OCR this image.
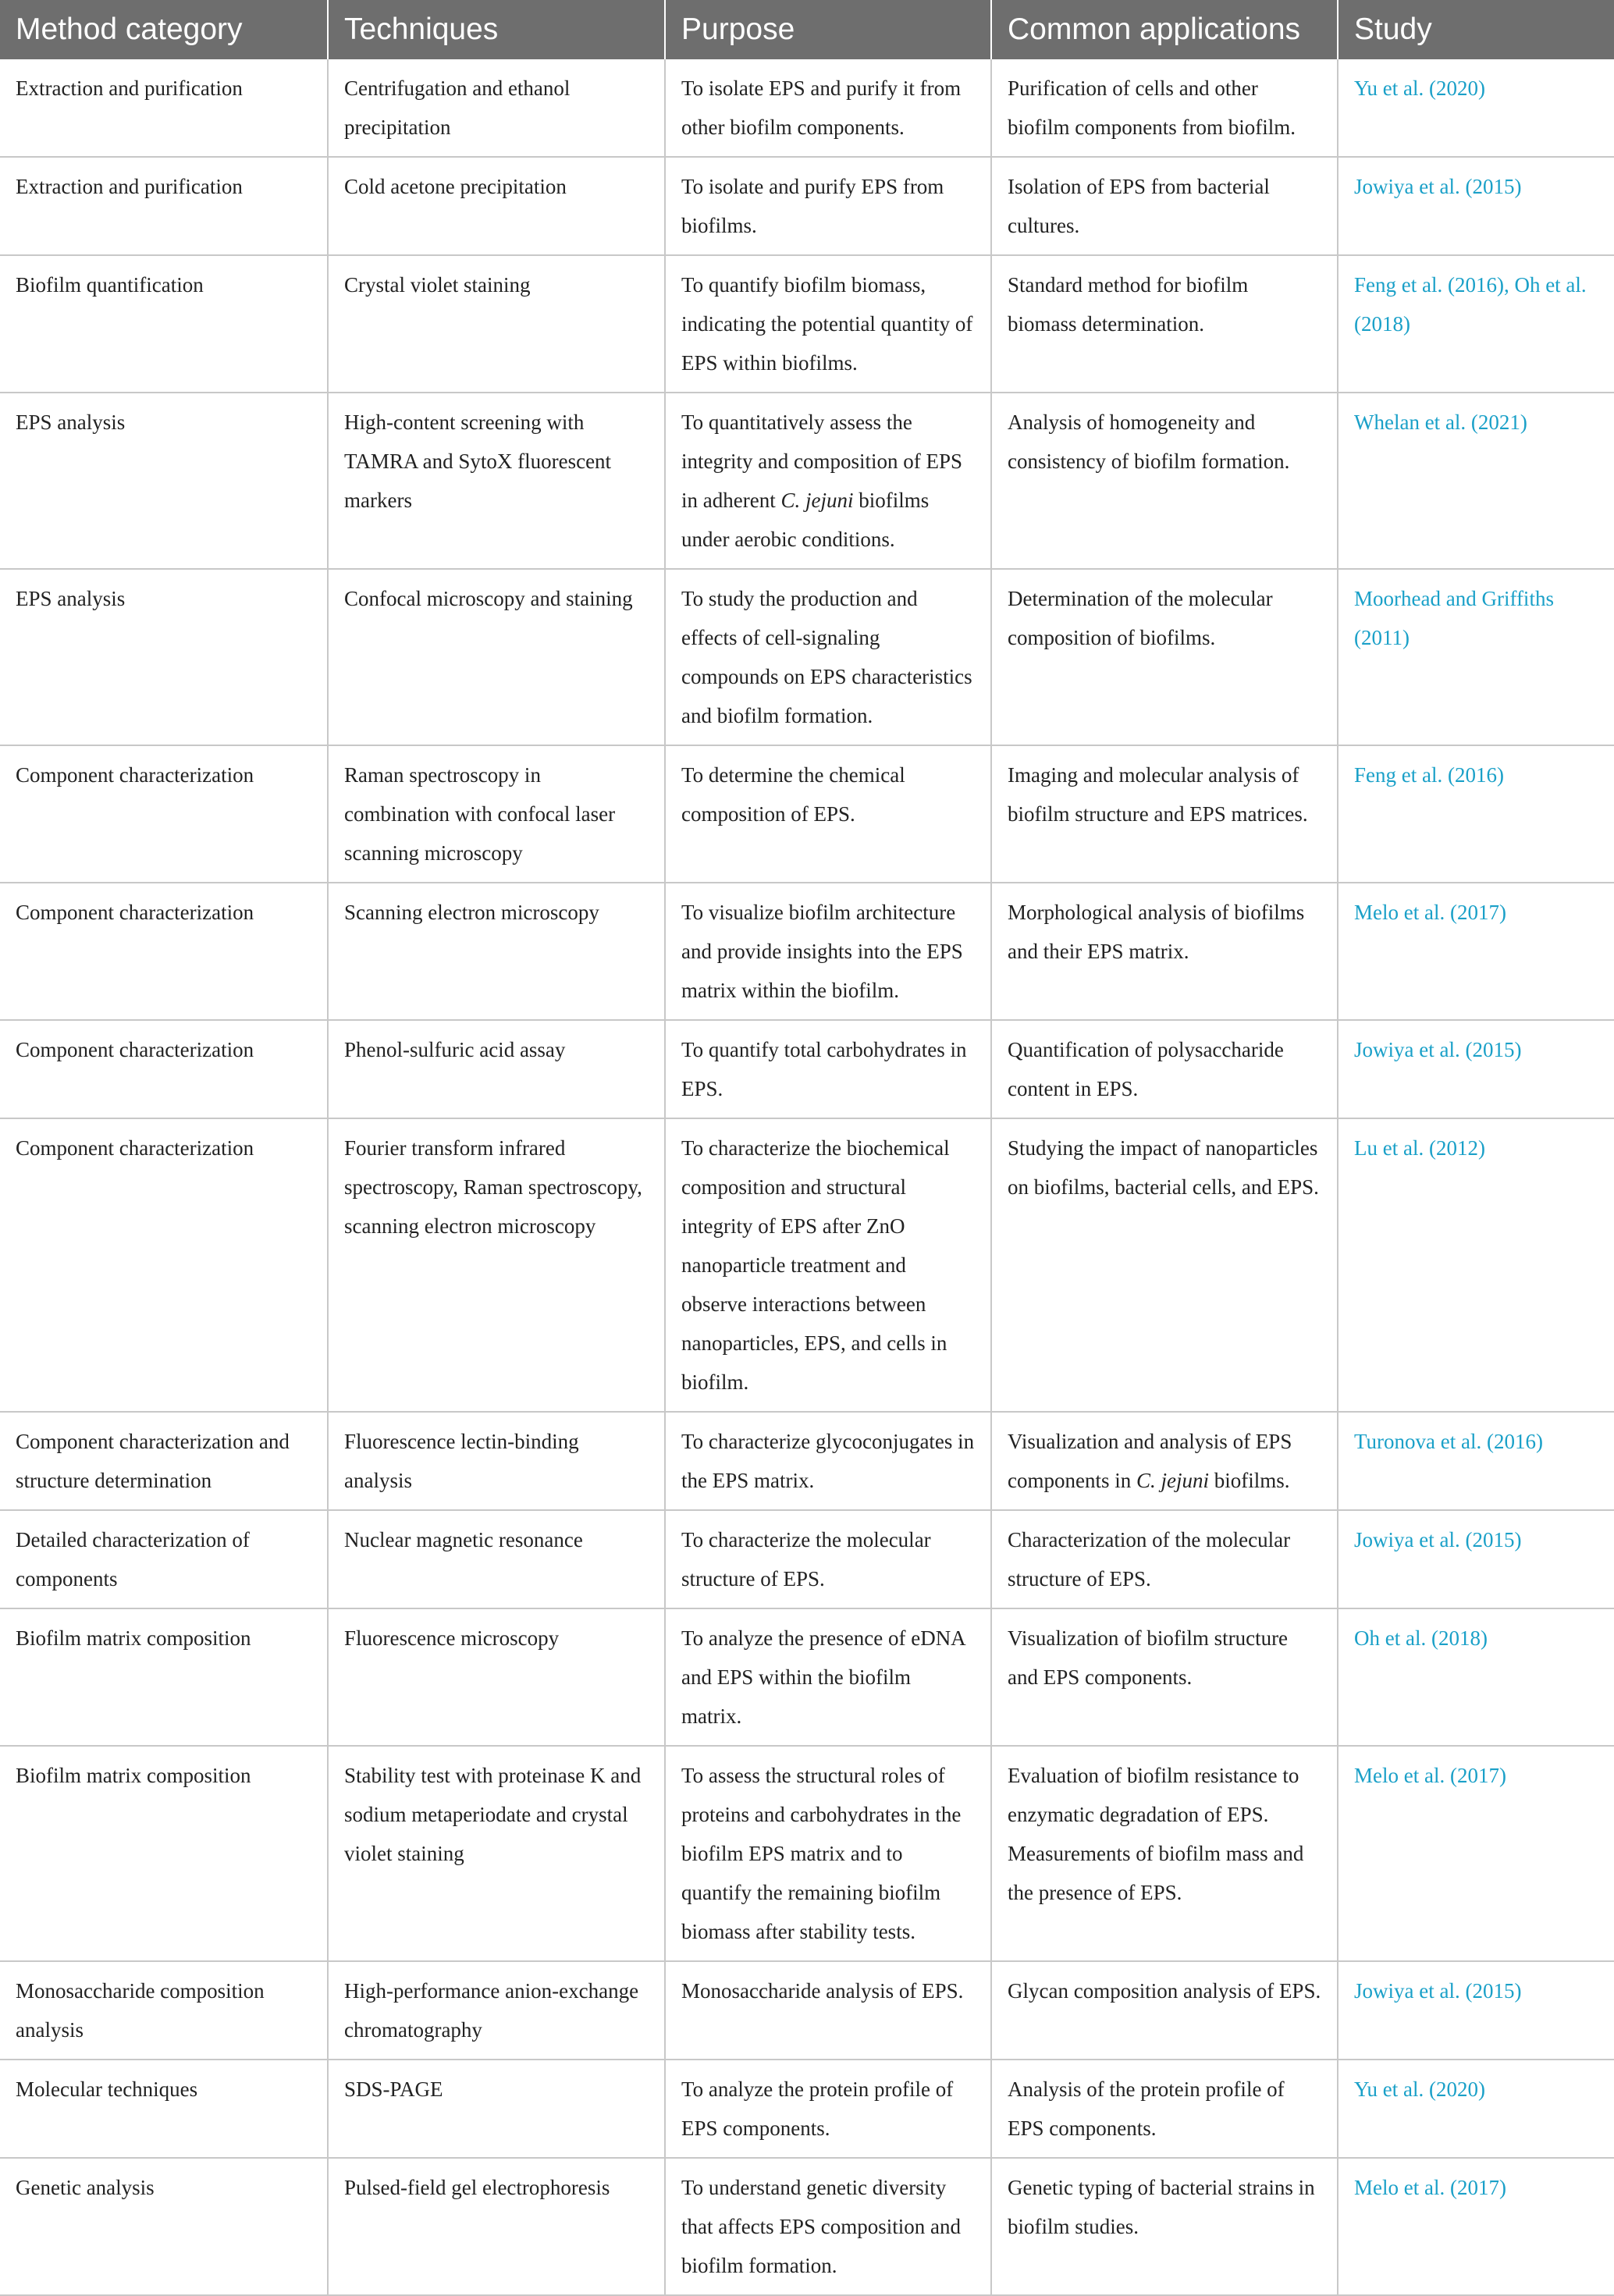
Method category	Techniques	Purpose	Common applications	Study
Extraction and purification	Centrifugation and ethanol precipitation	To isolate EPS and purify it from other biofilm components.	Purification of cells and other biofilm components from biofilm.	Yu et al. (2020)
Extraction and purification	Cold acetone precipitation	To isolate and purify EPS from biofilms.	Isolation of EPS from bacterial cultures.	Jowiya et al. (2015)
Biofilm quantification	Crystal violet staining	To quantify biofilm biomass, indicating the potential quantity of EPS within biofilms.	Standard method for biofilm biomass determination.	Feng et al. (2016), Oh et al. (2018)
EPS analysis	High-content screening with TAMRA and SytoX fluorescent markers	To quantitatively assess the integrity and composition of EPS in adherent C. jejuni biofilms under aerobic conditions.	Analysis of homogeneity and consistency of biofilm formation.	Whelan et al. (2021)
EPS analysis	Confocal microscopy and staining	To study the production and effects of cell-signaling compounds on EPS characteristics and biofilm formation.	Determination of the molecular composition of biofilms.	Moorhead and Griffiths (2011)
Component characterization	Raman spectroscopy in combination with confocal laser scanning microscopy	To determine the chemical composition of EPS.	Imaging and molecular analysis of biofilm structure and EPS matrices.	Feng et al. (2016)
Component characterization	Scanning electron microscopy	To visualize biofilm architecture and provide insights into the EPS matrix within the biofilm.	Morphological analysis of biofilms and their EPS matrix.	Melo et al. (2017)
Component characterization	Phenol-sulfuric acid assay	To quantify total carbohydrates in EPS.	Quantification of polysaccharide content in EPS.	Jowiya et al. (2015)
Component characterization	Fourier transform infrared spectroscopy, Raman spectroscopy, scanning electron microscopy	To characterize the biochemical composition and structural integrity of EPS after ZnO nanoparticle treatment and observe interactions between nanoparticles, EPS, and cells in biofilm.	Studying the impact of nanoparticles on biofilms, bacterial cells, and EPS.	Lu et al. (2012)
Component characterization and structure determination	Fluorescence lectin-binding analysis	To characterize glycoconjugates in the EPS matrix.	Visualization and analysis of EPS components in C. jejuni biofilms.	Turonova et al. (2016)
Detailed characterization of components	Nuclear magnetic resonance	To characterize the molecular structure of EPS.	Characterization of the molecular structure of EPS.	Jowiya et al. (2015)
Biofilm matrix composition	Fluorescence microscopy	To analyze the presence of eDNA and EPS within the biofilm matrix.	Visualization of biofilm structure and EPS components.	Oh et al. (2018)
Biofilm matrix composition	Stability test with proteinase K and sodium metaperiodate and crystal violet staining	To assess the structural roles of proteins and carbohydrates in the biofilm EPS matrix and to quantify the remaining biofilm biomass after stability tests.	Evaluation of biofilm resistance to enzymatic degradation of EPS. Measurements of biofilm mass and the presence of EPS.	Melo et al. (2017)
Monosaccharide composition analysis	High-performance anion-exchange chromatography	Monosaccharide analysis of EPS.	Glycan composition analysis of EPS.	Jowiya et al. (2015)
Molecular techniques	SDS-PAGE	To analyze the protein profile of EPS components.	Analysis of the protein profile of EPS components.	Yu et al. (2020)
Genetic analysis	Pulsed-field gel electrophoresis	To understand genetic diversity that affects EPS composition and biofilm formation.	Genetic typing of bacterial strains in biofilm studies.	Melo et al. (2017)
